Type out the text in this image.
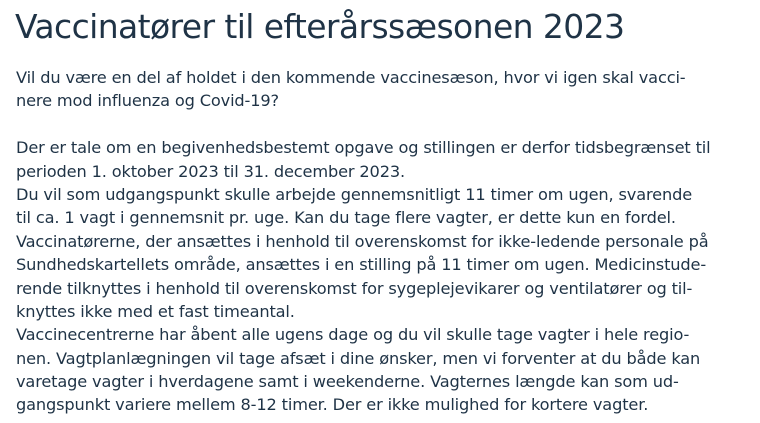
Vaccinatører til efterårssæsonen 2023
Vil du være en del af holdet i den kommende vaccinesæson, hvor vi igen skal vacci-
nere mod influenza og Covid-19?
Der er tale om en begivenhedsbestemt opgave og stillingen er derfor tidsbegrænset til
perioden 1. oktober 2023 til 31. december 2023.
Du vil som udgangspunkt skulle arbejde gennemsnitligt 11 timer om ugen, svarende
til ca. 1 vagt i gennemsnit pr. uge. Kan du tage flere vagter, er dette kun en fordel.
Vaccinatørerne, der ansættes i henhold til overenskomst for ikke-ledende personale på
Sundhedskartellets område, ansættes i en stilling på 11 timer om ugen. Medicinstude-
rende tilknyttes i henhold til overenskomst for sygeplejevikarer og ventilatører og til-
knyttes ikke med et fast timeantal.
Vaccinecentrerne har åbent alle ugens dage og du vil skulle tage vagter i hele regio-
nen. Vagtplanlægningen vil tage afsæt i dine ønsker, men vi forventer at du både kan
varetage vagter i hverdagene samt i weekenderne. Vagternes længde kan som ud-
gangspunkt variere mellem 8-12 timer. Der er ikke mulighed for kortere vagter.
